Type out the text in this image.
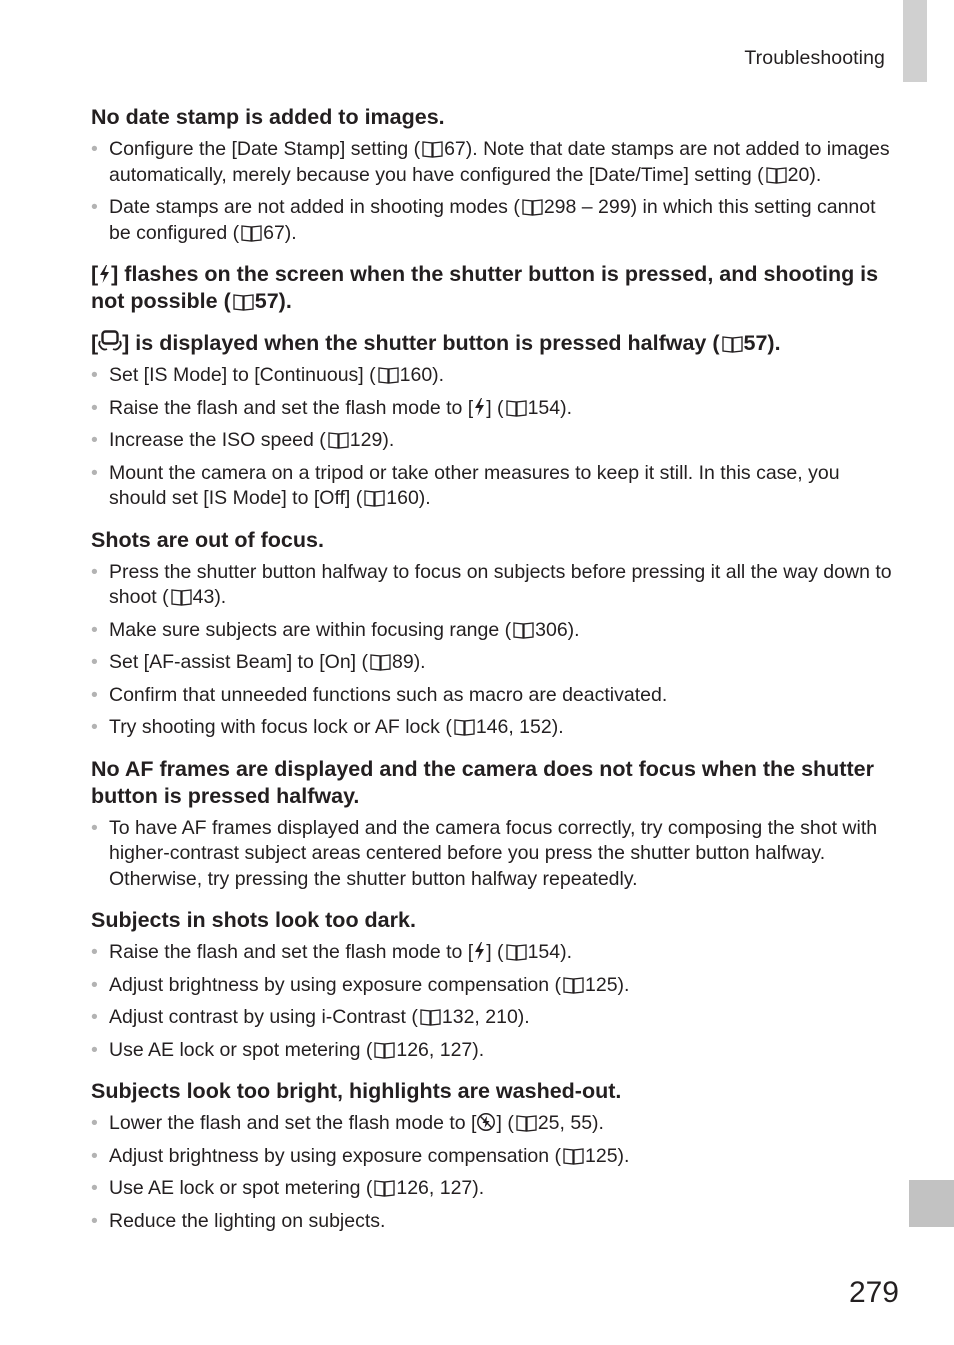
Troubleshooting
No date stamp is added to images.
• Configure the [Date Stamp] setting ( 67). Note that date stamps are not added to images automatically, merely because you have configured the [Date/Time] setting ( 20).
• Date stamps are not added in shooting modes ( 298 – 299) in which this setting cannot be configured ( 67).
[ ] flashes on the screen when the shutter button is pressed, and shooting is not possible ( 57).
[ ] is displayed when the shutter button is pressed halfway ( 57).
• Set [IS Mode] to [Continuous] ( 160).
• Raise the flash and set the flash mode to [ ] ( 154).
• Increase the ISO speed ( 129).
• Mount the camera on a tripod or take other measures to keep it still. In this case, you should set [IS Mode] to [Off] ( 160).
Shots are out of focus.
• Press the shutter button halfway to focus on subjects before pressing it all the way down to shoot ( 43).
• Make sure subjects are within focusing range ( 306).
• Set [AF-assist Beam] to [On] ( 89).
• Confirm that unneeded functions such as macro are deactivated.
• Try shooting with focus lock or AF lock ( 146, 152).
No AF frames are displayed and the camera does not focus when the shutter button is pressed halfway.
• To have AF frames displayed and the camera focus correctly, try composing the shot with higher-contrast subject areas centered before you press the shutter button halfway. Otherwise, try pressing the shutter button halfway repeatedly.
Subjects in shots look too dark.
• Raise the flash and set the flash mode to [ ] ( 154).
• Adjust brightness by using exposure compensation ( 125).
• Adjust contrast by using i-Contrast ( 132, 210).
• Use AE lock or spot metering ( 126, 127).
Subjects look too bright, highlights are washed-out.
• Lower the flash and set the flash mode to [ ] ( 25, 55).
• Adjust brightness by using exposure compensation ( 125).
• Use AE lock or spot metering ( 126, 127).
• Reduce the lighting on subjects.
279
